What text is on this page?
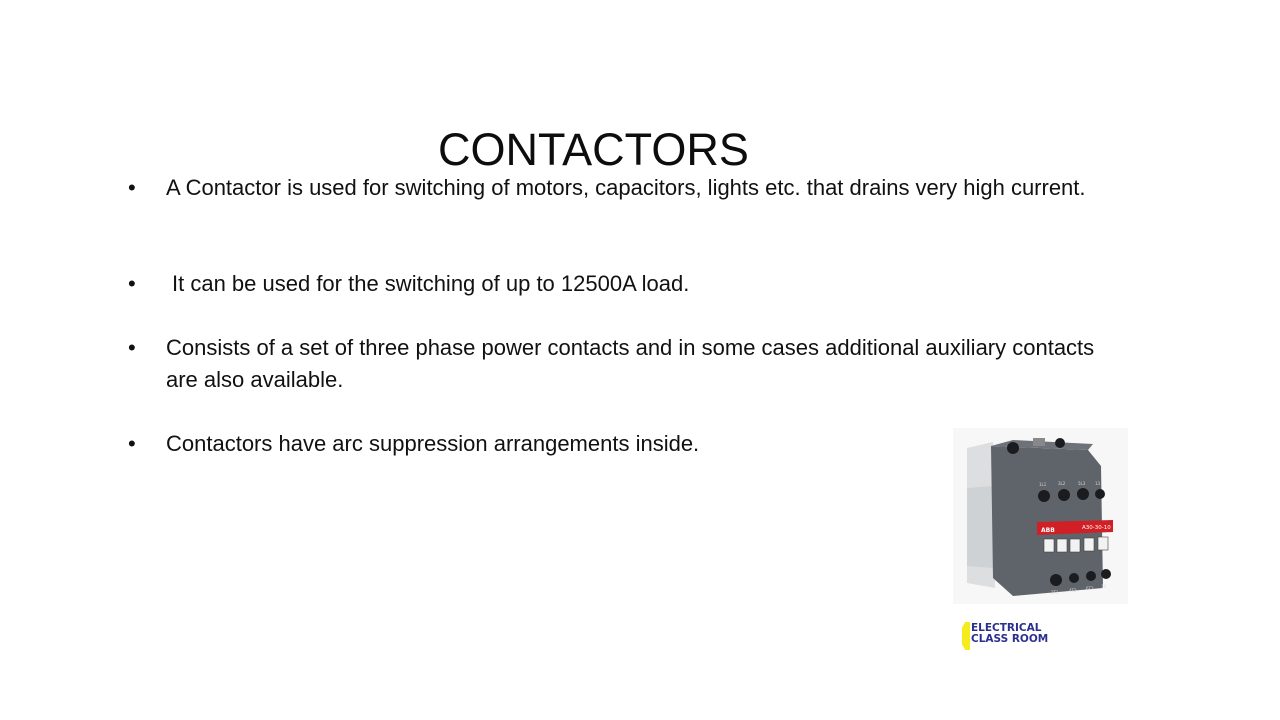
CONTACTORS
• A Contactor is used for switching of motors, capacitors, lights etc. that drains very high current.
• It can be used for the switching of up to 12500A load.
• Consists of a set of three phase power contacts and in some cases additional auxiliary contacts are also available.
• Contactors have arc suppression arrangements inside.
1L1	3L2	5L3 13
ABB	A30-30-10
2T1	4T2 6T3 14
ELECTRICAL
CLASS ROOM
